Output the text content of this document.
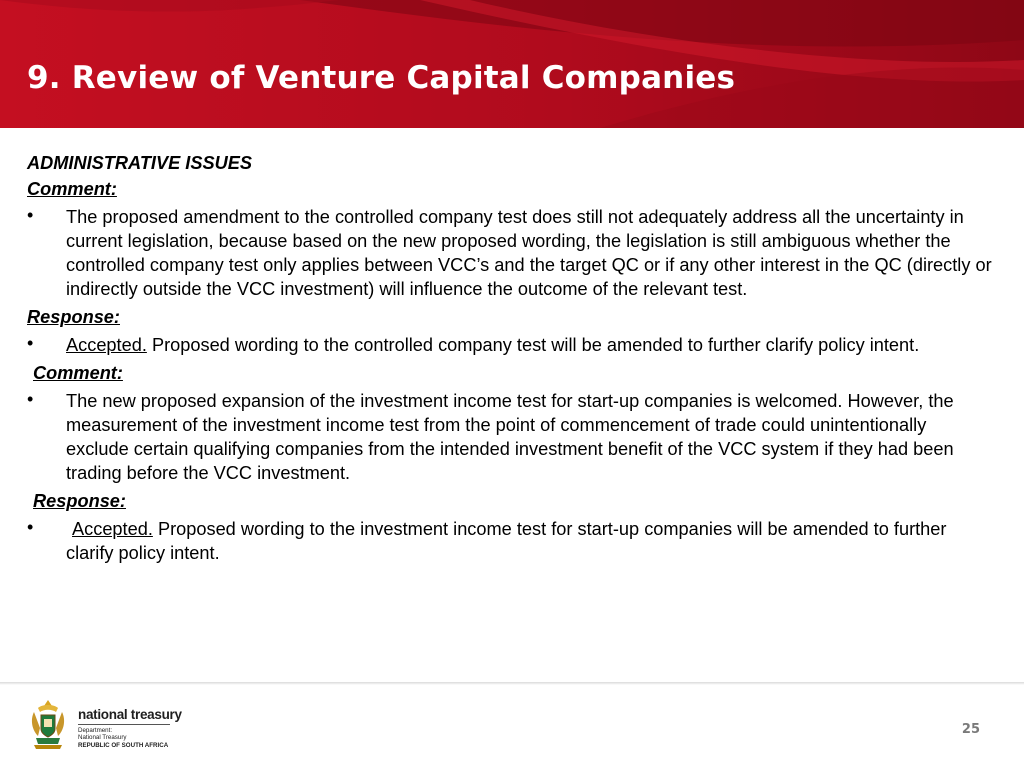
9. Review of Venture Capital Companies

ADMINISTRATIVE ISSUES

Comment:

• The proposed amendment to the controlled company test does still not adequately address all the uncertainty in current legislation, because based on the new proposed wording, the legislation is still ambiguous whether the controlled company test only applies between VCC’s and the target QC or if any other interest in the QC (directly or indirectly outside the VCC investment) will influence the outcome of the relevant test.

Response:

• Accepted. Proposed wording to the controlled company test will be amended to further clarify policy intent.

Comment:

• The new proposed expansion of the investment income test for start-up companies is welcomed. However, the measurement of the investment income test from the point of commencement of trade could unintentionally exclude certain qualifying companies from the intended investment benefit of the VCC system if they had been trading before the VCC investment.

Response:

• Accepted. Proposed wording to the investment income test for start-up companies will be amended to further clarify policy intent.

national treasury
Department:
National Treasury
REPUBLIC OF SOUTH AFRICA
25
